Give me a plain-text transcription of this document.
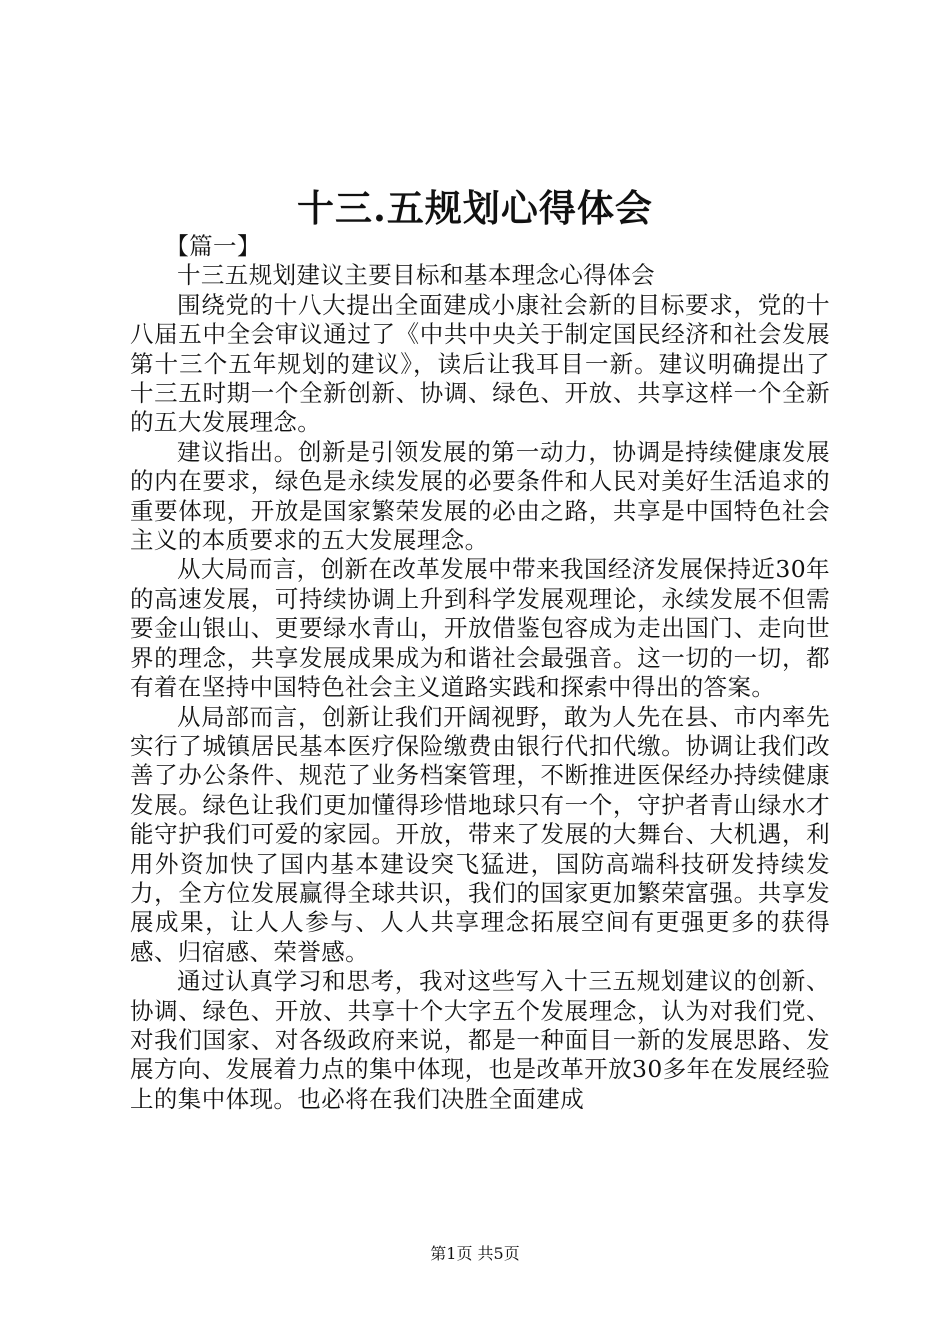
十三.五规划心得体会

【篇一】

十三五规划建议主要目标和基本理念心得体会

围绕党的十八大提出全面建成小康社会新的目标要求，党的十八届五中全会审议通过了《中共中央关于制定国民经济和社会发展第十三个五年规划的建议》，读后让我耳目一新。建议明确提出了十三五时期一个全新创新、协调、绿色、开放、共享这样一个全新的五大发展理念。

建议指出。创新是引领发展的第一动力，协调是持续健康发展的内在要求，绿色是永续发展的必要条件和人民对美好生活追求的重要体现，开放是国家繁荣发展的必由之路，共享是中国特色社会主义的本质要求的五大发展理念。

从大局而言，创新在改革发展中带来我国经济发展保持近30年的高速发展，可持续协调上升到科学发展观理论，永续发展不但需要金山银山、更要绿水青山，开放借鉴包容成为走出国门、走向世界的理念，共享发展成果成为和谐社会最强音。这一切的一切，都有着在坚持中国特色社会主义道路实践和探索中得出的答案。

从局部而言，创新让我们开阔视野，敢为人先在县、市内率先实行了城镇居民基本医疗保险缴费由银行代扣代缴。协调让我们改善了办公条件、规范了业务档案管理，不断推进医保经办持续健康发展。绿色让我们更加懂得珍惜地球只有一个，守护者青山绿水才能守护我们可爱的家园。开放，带来了发展的大舞台、大机遇，利用外资加快了国内基本建设突飞猛进，国防高端科技研发持续发力，全方位发展赢得全球共识，我们的国家更加繁荣富强。共享发展成果，让人人参与、人人共享理念拓展空间有更强更多的获得感、归宿感、荣誉感。

通过认真学习和思考，我对这些写入十三五规划建议的创新、协调、绿色、开放、共享十个大字五个发展理念，认为对我们党、对我们国家、对各级政府来说，都是一种面目一新的发展思路、发展方向、发展着力点的集中体现，也是改革开放30多年在发展经验上的集中体现。也必将在我们决胜全面建成

第1页 共5页
